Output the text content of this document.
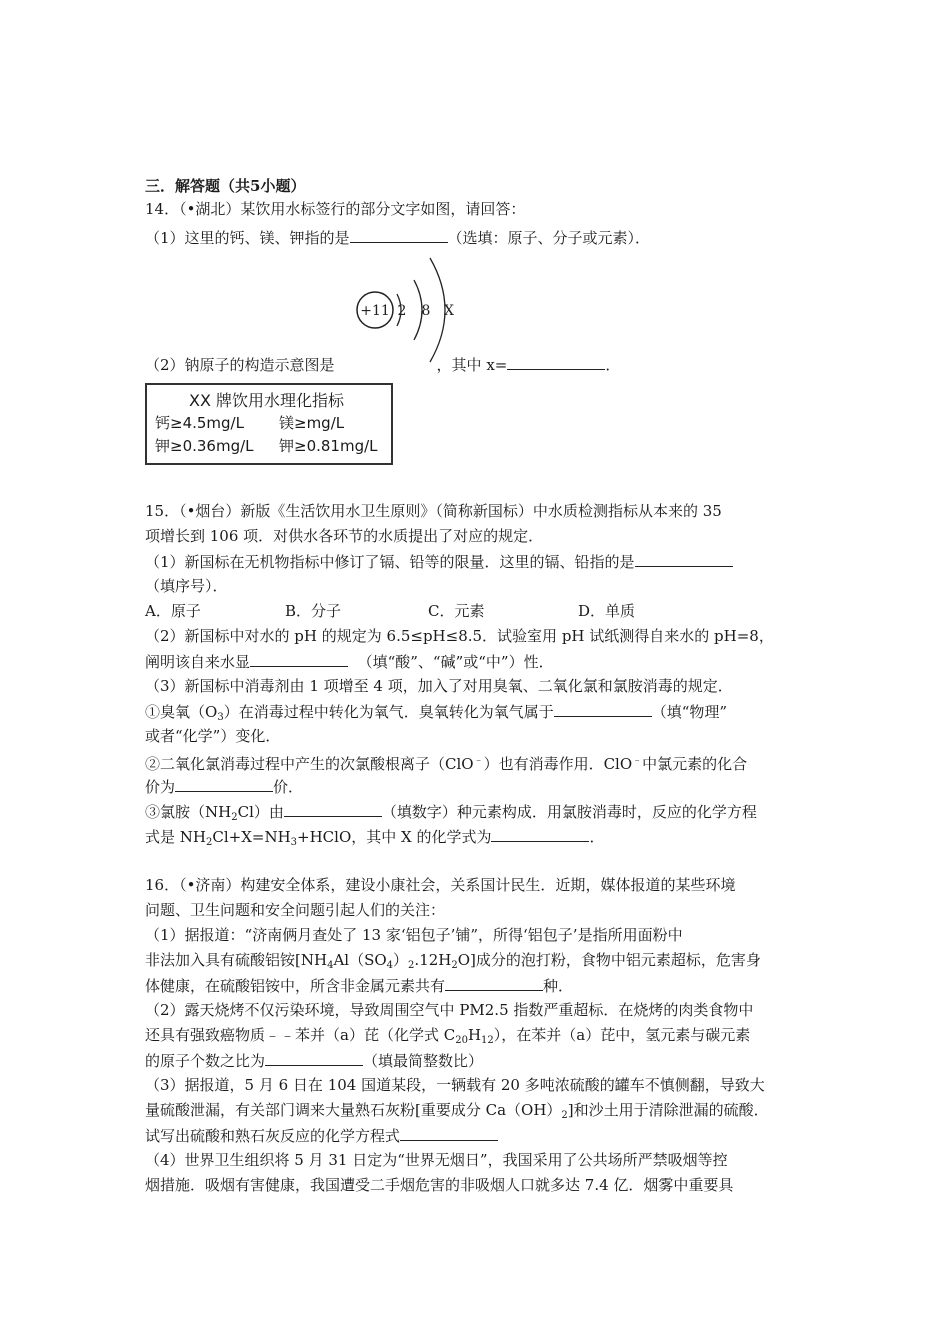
三．解答题（共5小题）
14．（•湖北）某饮用水标签行的部分文字如图，请回答：
（1）这里的钙、镁、钾指的是	（选填：原子、分子或元素）．
+11 2 8 X
（2）钠原子的构造示意图是	，其中 x=	．
XX 牌饮用水理化指标
钙≥4.5mg/L 镁≥mg/L
钾≥0.36mg/L 钾≥0.81mg/L
15．（•烟台）新版《生活饮用水卫生原则》（简称新国标）中水质检测指标从本来的 35
项增长到 106 项．对供水各环节的水质提出了对应的规定．
（1）新国标在无机物指标中修订了镉、铅等的限量．这里的镉、铅指的是
（填序号）．
A．原子	B．分子	C．元素	D．单质
（2）新国标中对水的 pH 的规定为 6.5≤pH≤8.5．试验室用 pH 试纸测得自来水的 pH=8，
阐明该自来水显	（填“酸”、“碱”或“中”）性．
（3）新国标中消毒剂由 1 项增至 4 项，加入了对用臭氧、二氧化氯和氯胺消毒的规定．
①臭氧$(O_3)$在消毒过程中转化为氧气．臭氧转化为氧气属于	（填“物理”
或者“化学”）变化．
②二氧化氯消毒过程中产生的次氯酸根离子（ClO﹣）也有消毒作用．ClO﹣中氯元素的化合
价为	价．
③氯胺$(NH_2Cl)$由	（填数字）种元素构成．用氯胺消毒时，反应的化学方程
式是 $NH_2Cl+X=NH_3+HClO$，其中 X 的化学式为	．
16．（•济南）构建安全体系，建设小康社会，关系国计民生．近期，媒体报道的某些环境
问题、卫生问题和安全问题引起人们的关注：
（1）据报道：“济南俩月查处了 13 家‘铝包子’铺”，所得‘铝包子’是指所用面粉中
非法加入具有硫酸铝铵$[NH_4Al(SO_4)_2.12H_2O]$成分的泡打粉，食物中铝元素超标，危害身
体健康，在硫酸铝铵中，所含非金属元素共有	种．
（2）露天烧烤不仅污染环境，导致周围空气中 PM2.5 指数严重超标．在烧烤的肉类食物中
还具有强致癌物质﹣﹣苯并（a）芘（化学式 $C_{20}H_{12}$），在苯并（a）芘中，氢元素与碳元素
的原子个数之比为	（填最简整数比）
（3）据报道，5 月 6 日在 104 国道某段，一辆载有 20 多吨浓硫酸的罐车不慎侧翻，导致大
量硫酸泄漏，有关部门调来大量熟石灰粉[重要成分 $Ca(OH)_2$]和沙土用于清除泄漏的硫酸．
试写出硫酸和熟石灰反应的化学方程式
（4）世界卫生组织将 5 月 31 日定为“世界无烟日”，我国采用了公共场所严禁吸烟等控
烟措施．吸烟有害健康，我国遭受二手烟危害的非吸烟人口就多达 7.4 亿．烟雾中重要具
